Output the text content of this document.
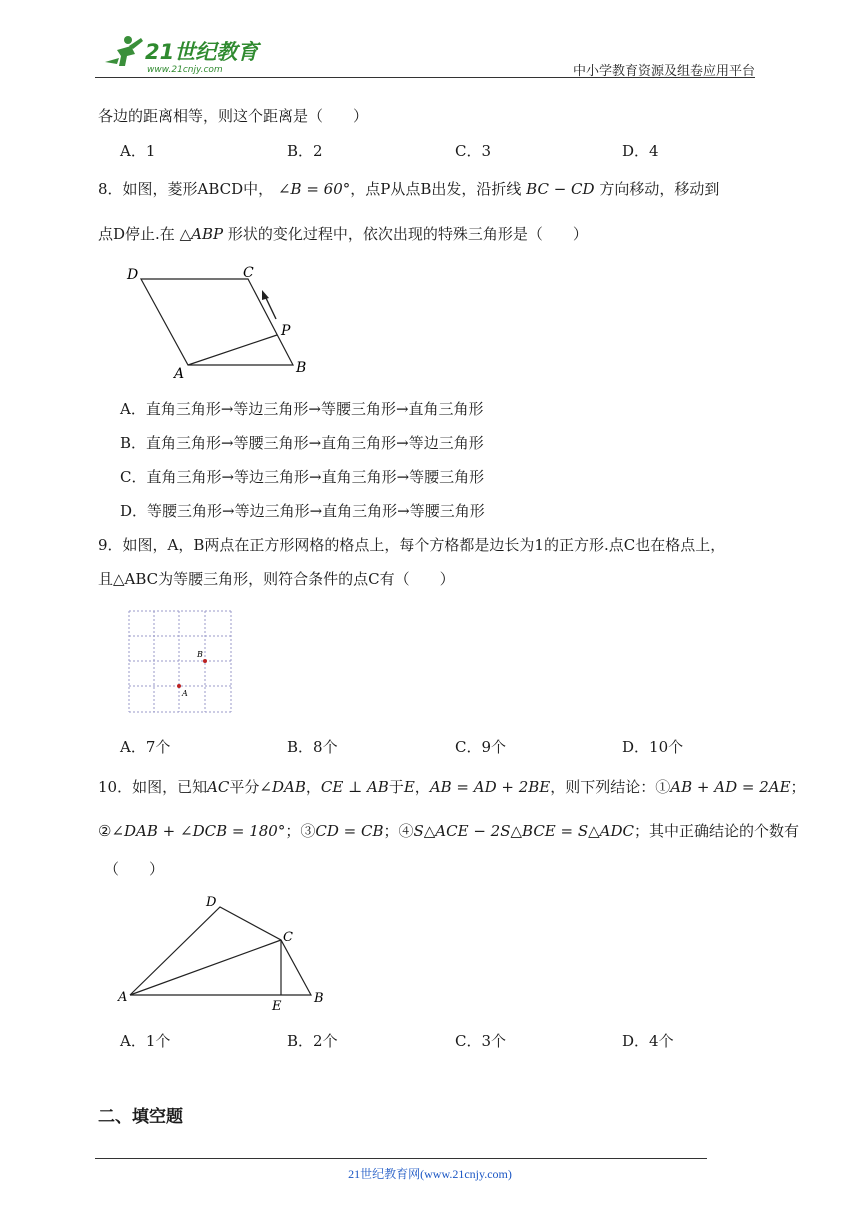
21世纪教育
www.21cnjy.com	中小学教育资源及组卷应用平台
各边的距离相等，则这个距离是（　　）
A．1	B．2	C．3	D．4
8．如图，菱形ABCD中， ∠B = 60°，点P从点B出发，沿折线 BC − CD 方向移动，移动到
点D停止.在 △ABP 形状的变化过程中，依次出现的特殊三角形是（　　）
D	C
P
A	B
A．直角三角形→等边三角形→等腰三角形→直角三角形
B．直角三角形→等腰三角形→直角三角形→等边三角形
C．直角三角形→等边三角形→直角三角形→等腰三角形
D．等腰三角形→等边三角形→直角三角形→等腰三角形
9．如图，A，B两点在正方形网格的格点上，每个方格都是边长为1的正方形.点C也在格点上，
且△ABC为等腰三角形，则符合条件的点C有（　　）
B
A
A．7个	B．8个	C．9个	D．10个
10．如图，已知AC平分∠DAB，CE ⊥ AB于E，AB = AD + 2BE，则下列结论：①AB + AD = 2AE；
②∠DAB + ∠DCB = 180°；③CD = CB；④S△ACE − 2S△BCE = S△ADC；其中正确结论的个数有
（　　）
D
C
A
E
B
A．1个	B．2个	C．3个	D．4个
二、填空题
21世纪教育网(www.21cnjy.com)
